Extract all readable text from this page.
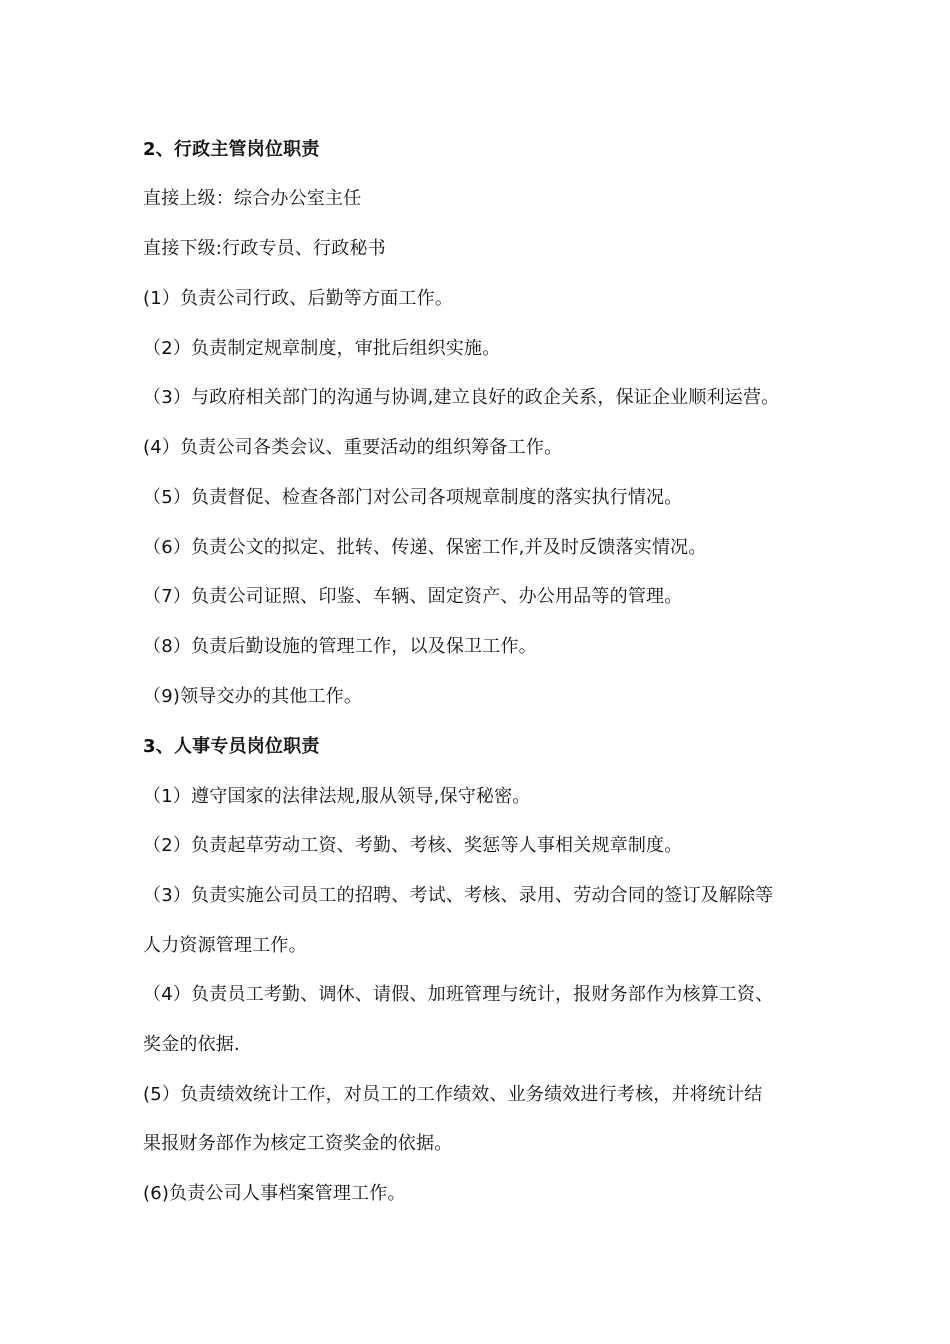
2、行政主管岗位职责
直接上级：综合办公室主任
直接下级:行政专员、行政秘书
(1）负责公司行政、后勤等方面工作。
（2）负责制定规章制度，审批后组织实施。
（3）与政府相关部门的沟通与协调,建立良好的政企关系，保证企业顺利运营。
(4）负责公司各类会议、重要活动的组织筹备工作。
（5）负责督促、检查各部门对公司各项规章制度的落实执行情况。
（6）负责公文的拟定、批转、传递、保密工作,并及时反馈落实情况。
（7）负责公司证照、印鉴、车辆、固定资产、办公用品等的管理。
（8）负责后勤设施的管理工作，以及保卫工作。
（9)领导交办的其他工作。
3、人事专员岗位职责
（1）遵守国家的法律法规,服从领导,保守秘密。
（2）负责起草劳动工资、考勤、考核、奖惩等人事相关规章制度。
（3）负责实施公司员工的招聘、考试、考核、录用、劳动合同的签订及解除等
人力资源管理工作。
（4）负责员工考勤、调休、请假、加班管理与统计，报财务部作为核算工资、
奖金的依据.
(5）负责绩效统计工作，对员工的工作绩效、业务绩效进行考核，并将统计结
果报财务部作为核定工资奖金的依据。
(6)负责公司人事档案管理工作。
